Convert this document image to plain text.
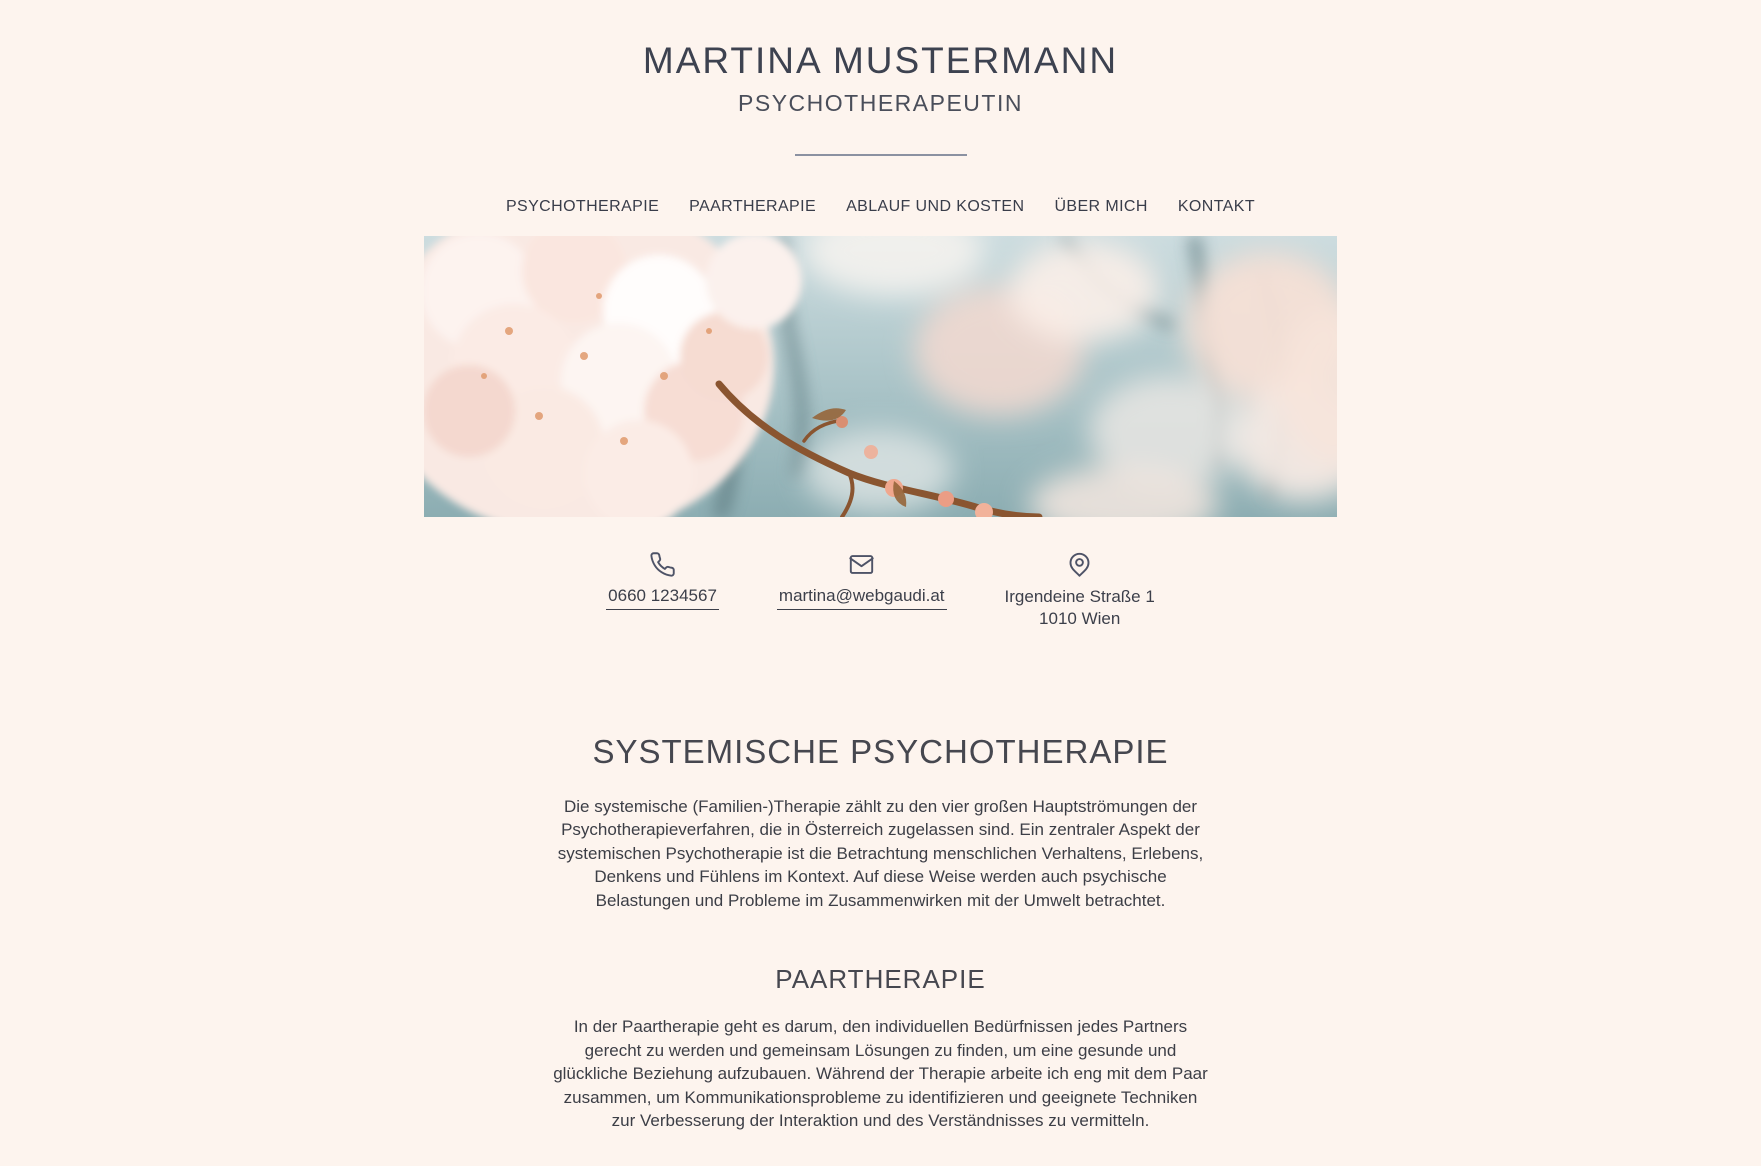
MARTINA MUSTERMANN
PSYCHOTHERAPEUTIN
PSYCHOTHERAPIE PAARTHERAPIE ABLAUF UND KOSTEN ÜBER MICH KONTAKT
0660 1234567	martina@webgaudi.at	Irgendeine Straße 1
1010 Wien
SYSTEMISCHE PSYCHOTHERAPIE

Die systemische (Familien-)Therapie zählt zu den vier großen Hauptströmungen der Psychotherapieverfahren, die in Österreich zugelassen sind. Ein zentraler Aspekt der systemischen Psychotherapie ist die Betrachtung menschlichen Verhaltens, Erlebens, Denkens und Fühlens im Kontext. Auf diese Weise werden auch psychische Belastungen und Probleme im Zusammenwirken mit der Umwelt betrachtet.

PAARTHERAPIE

In der Paartherapie geht es darum, den individuellen Bedürfnissen jedes Partners gerecht zu werden und gemeinsam Lösungen zu finden, um eine gesunde und glückliche Beziehung aufzubauen. Während der Therapie arbeite ich eng mit dem Paar zusammen, um Kommunikationsprobleme zu identifizieren und geeignete Techniken zur Verbesserung der Interaktion und des Verständnisses zu vermitteln.
